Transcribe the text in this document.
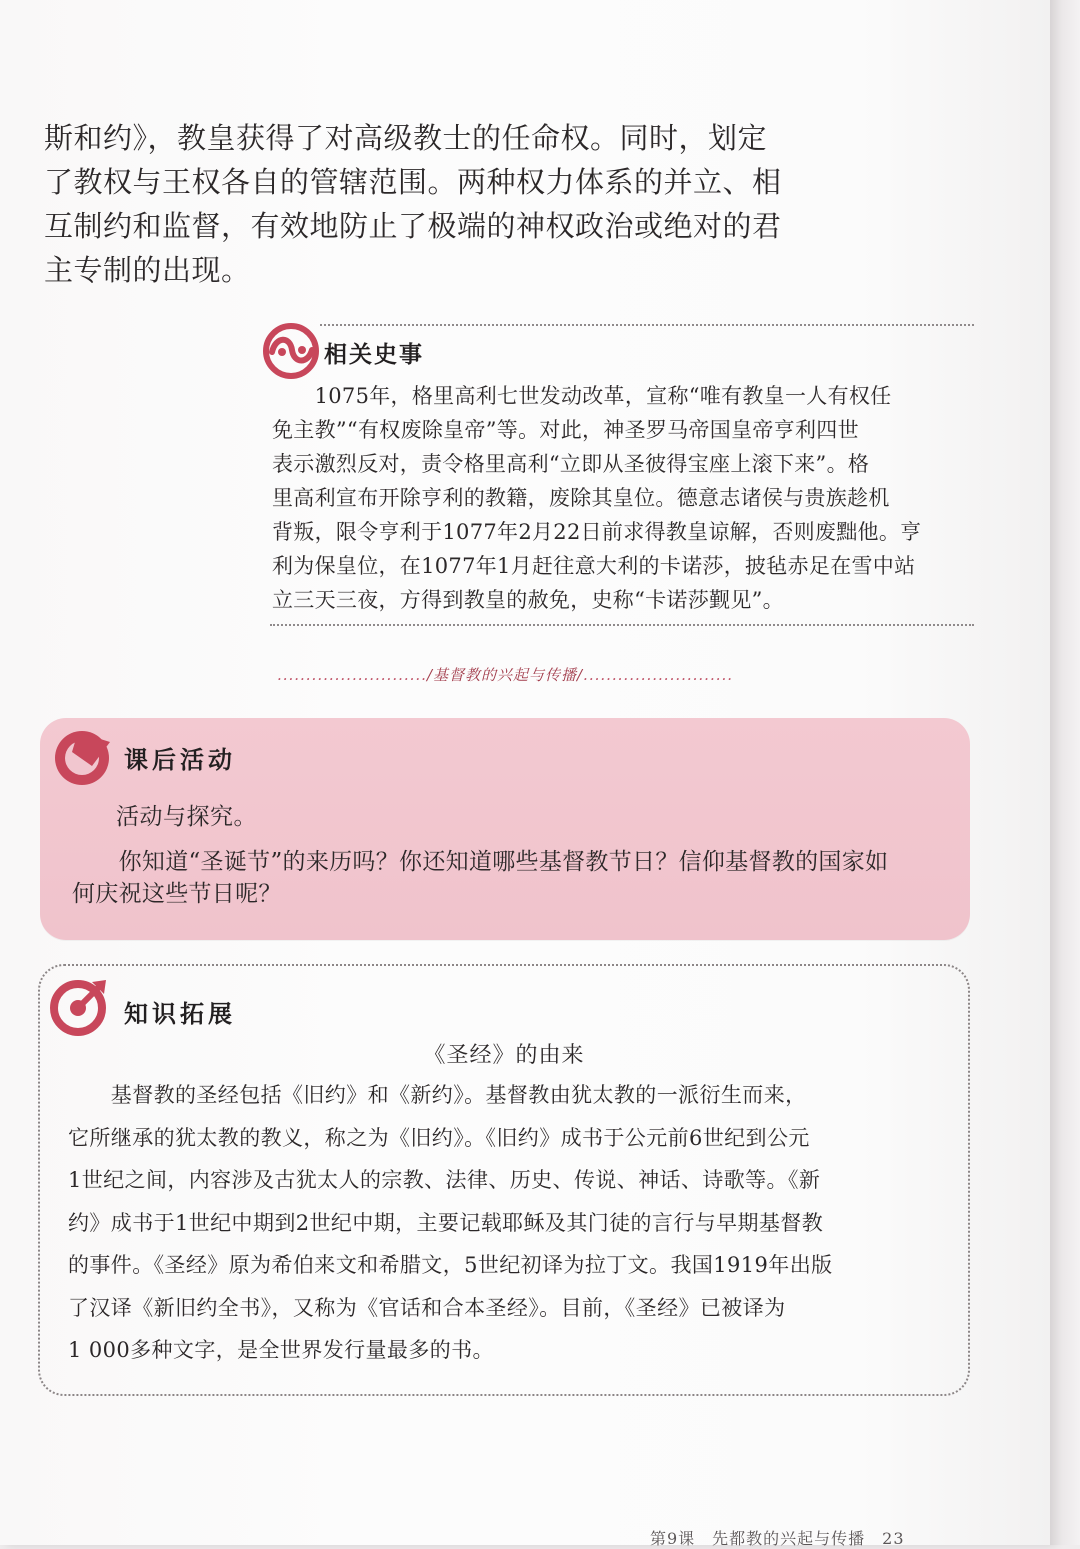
斯和约》，教皇获得了对高级教士的任命权。同时，划定
了教权与王权各自的管辖范围。两种权力体系的并立、相
互制约和监督，有效地防止了极端的神权政治或绝对的君
主专制的出现。
相关史事
　　1075年，格里高利七世发动改革，宣称“唯有教皇一人有权任
免主教”“有权废除皇帝”等。对此，神圣罗马帝国皇帝亨利四世
表示激烈反对，责令格里高利“立即从圣彼得宝座上滚下来”。格
里高利宣布开除亨利的教籍，废除其皇位。德意志诸侯与贵族趁机
背叛，限令亨利于1077年2月22日前求得教皇谅解，否则废黜他。亨
利为保皇位，在1077年1月赶往意大利的卡诺莎，披毡赤足在雪中站
立三天三夜，方得到教皇的赦免，史称“卡诺莎觐见”。
........................../基督教的兴起与传播/..........................
课后活动
活动与探究。
　　你知道“圣诞节”的来历吗？你还知道哪些基督教节日？信仰基督教的国家如
何庆祝这些节日呢？
知识拓展
《圣经》的由来
　　基督教的圣经包括《旧约》和《新约》。基督教由犹太教的一派衍生而来，
它所继承的犹太教的教义，称之为《旧约》。《旧约》成书于公元前6世纪到公元
1世纪之间，内容涉及古犹太人的宗教、法律、历史、传说、神话、诗歌等。《新
约》成书于1世纪中期到2世纪中期，主要记载耶稣及其门徒的言行与早期基督教
的事件。《圣经》原为希伯来文和希腊文，5世纪初译为拉丁文。我国1919年出版
了汉译《新旧约全书》，又称为《官话和合本圣经》。目前，《圣经》已被译为
1 000多种文字，是全世界发行量最多的书。
第9课　先都教的兴起与传播　23
